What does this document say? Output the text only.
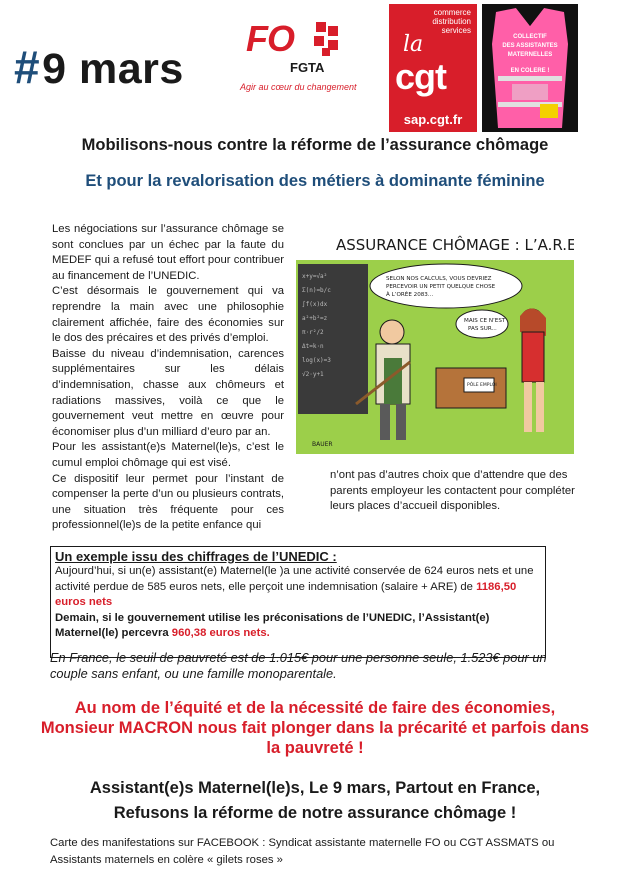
#9 mars
FO
FGTA
Agir au cœur du changement
commerce
distribution
services
la
cgt
sap.cgt.fr
COLLECTIF
DES ASSISTANTES
MATERNELLES
EN COLERE !
Mobilisons-nous contre la réforme de l’assurance chômage
Et pour la revalorisation des métiers à dominante féminine

Les négociations sur l’assurance chômage se sont conclues par un échec par la faute du MEDEF qui a refusé tout effort pour contribuer au financement de l’UNEDIC.

C’est désormais le gouvernement qui va reprendre la main avec une philosophie clairement affichée, faire des économies sur le dos des précaires et des privés d’emploi.

Baisse du niveau d’indemnisation, carences supplémentaires sur les délais d’indemnisation, chasse aux chômeurs et radiations massives, voilà ce que le gouvernement veut mettre en œuvre pour économiser plus d’un milliard d’euro par an.

Pour les assistant(e)s Maternel(le)s, c’est le cumul emploi chômage qui est visé.

Ce dispositif leur permet pour l’instant de compenser la perte d’un ou plusieurs contrats, une situation très fréquente pour ces professionnel(le)s de la petite enfance qui

ASSURANCE CHÔMAGE : L’A.R.E
x+y=√a²
Σ(n)=b/c
∫f(x)dx
a²+b²=z
π·r²/2
Δt=k·n
log(x)=3
√2·y+1
SELON NOS CALCULS, VOUS DEVRIEZ PERCEVOIR UN PETIT QUELQUE CHOSE À L’ORÉE 2083...
MAIS CE N’EST PAS SUR...
PÔLE EMPLOI
BAUER
n’ont pas d’autres choix que d’attendre que des parents employeur les contactent pour compléter leurs places d’accueil disponibles.
Un exemple issu des chiffrages de l’UNEDIC :

Aujourd’hui, si un(e) assistant(e) Maternel(le )a une activité conservée de 624 euros nets et une activité perdue de 585 euros nets, elle perçoit une indemnisation (salaire + ARE) de 1186,50 euros nets

Demain, si le gouvernement utilise les préconisations de l’UNEDIC, l’Assistant(e) Maternel(le) percevra 960,38 euros nets.

En France, le seuil de pauvreté est de 1.015€ pour une personne seule, 1.523€ pour un couple sans enfant, ou une famille monoparentale.
Au nom de l’équité et de la nécessité de faire des économies, Monsieur MACRON nous fait plonger dans la précarité et parfois dans la pauvreté !
Assistant(e)s Maternel(le)s, Le 9 mars, Partout en France,
Refusons la réforme de notre assurance chômage !
Carte des manifestations sur FACEBOOK : Syndicat assistante maternelle FO ou CGT ASSMATS ou Assistants maternels en colère « gilets roses »
